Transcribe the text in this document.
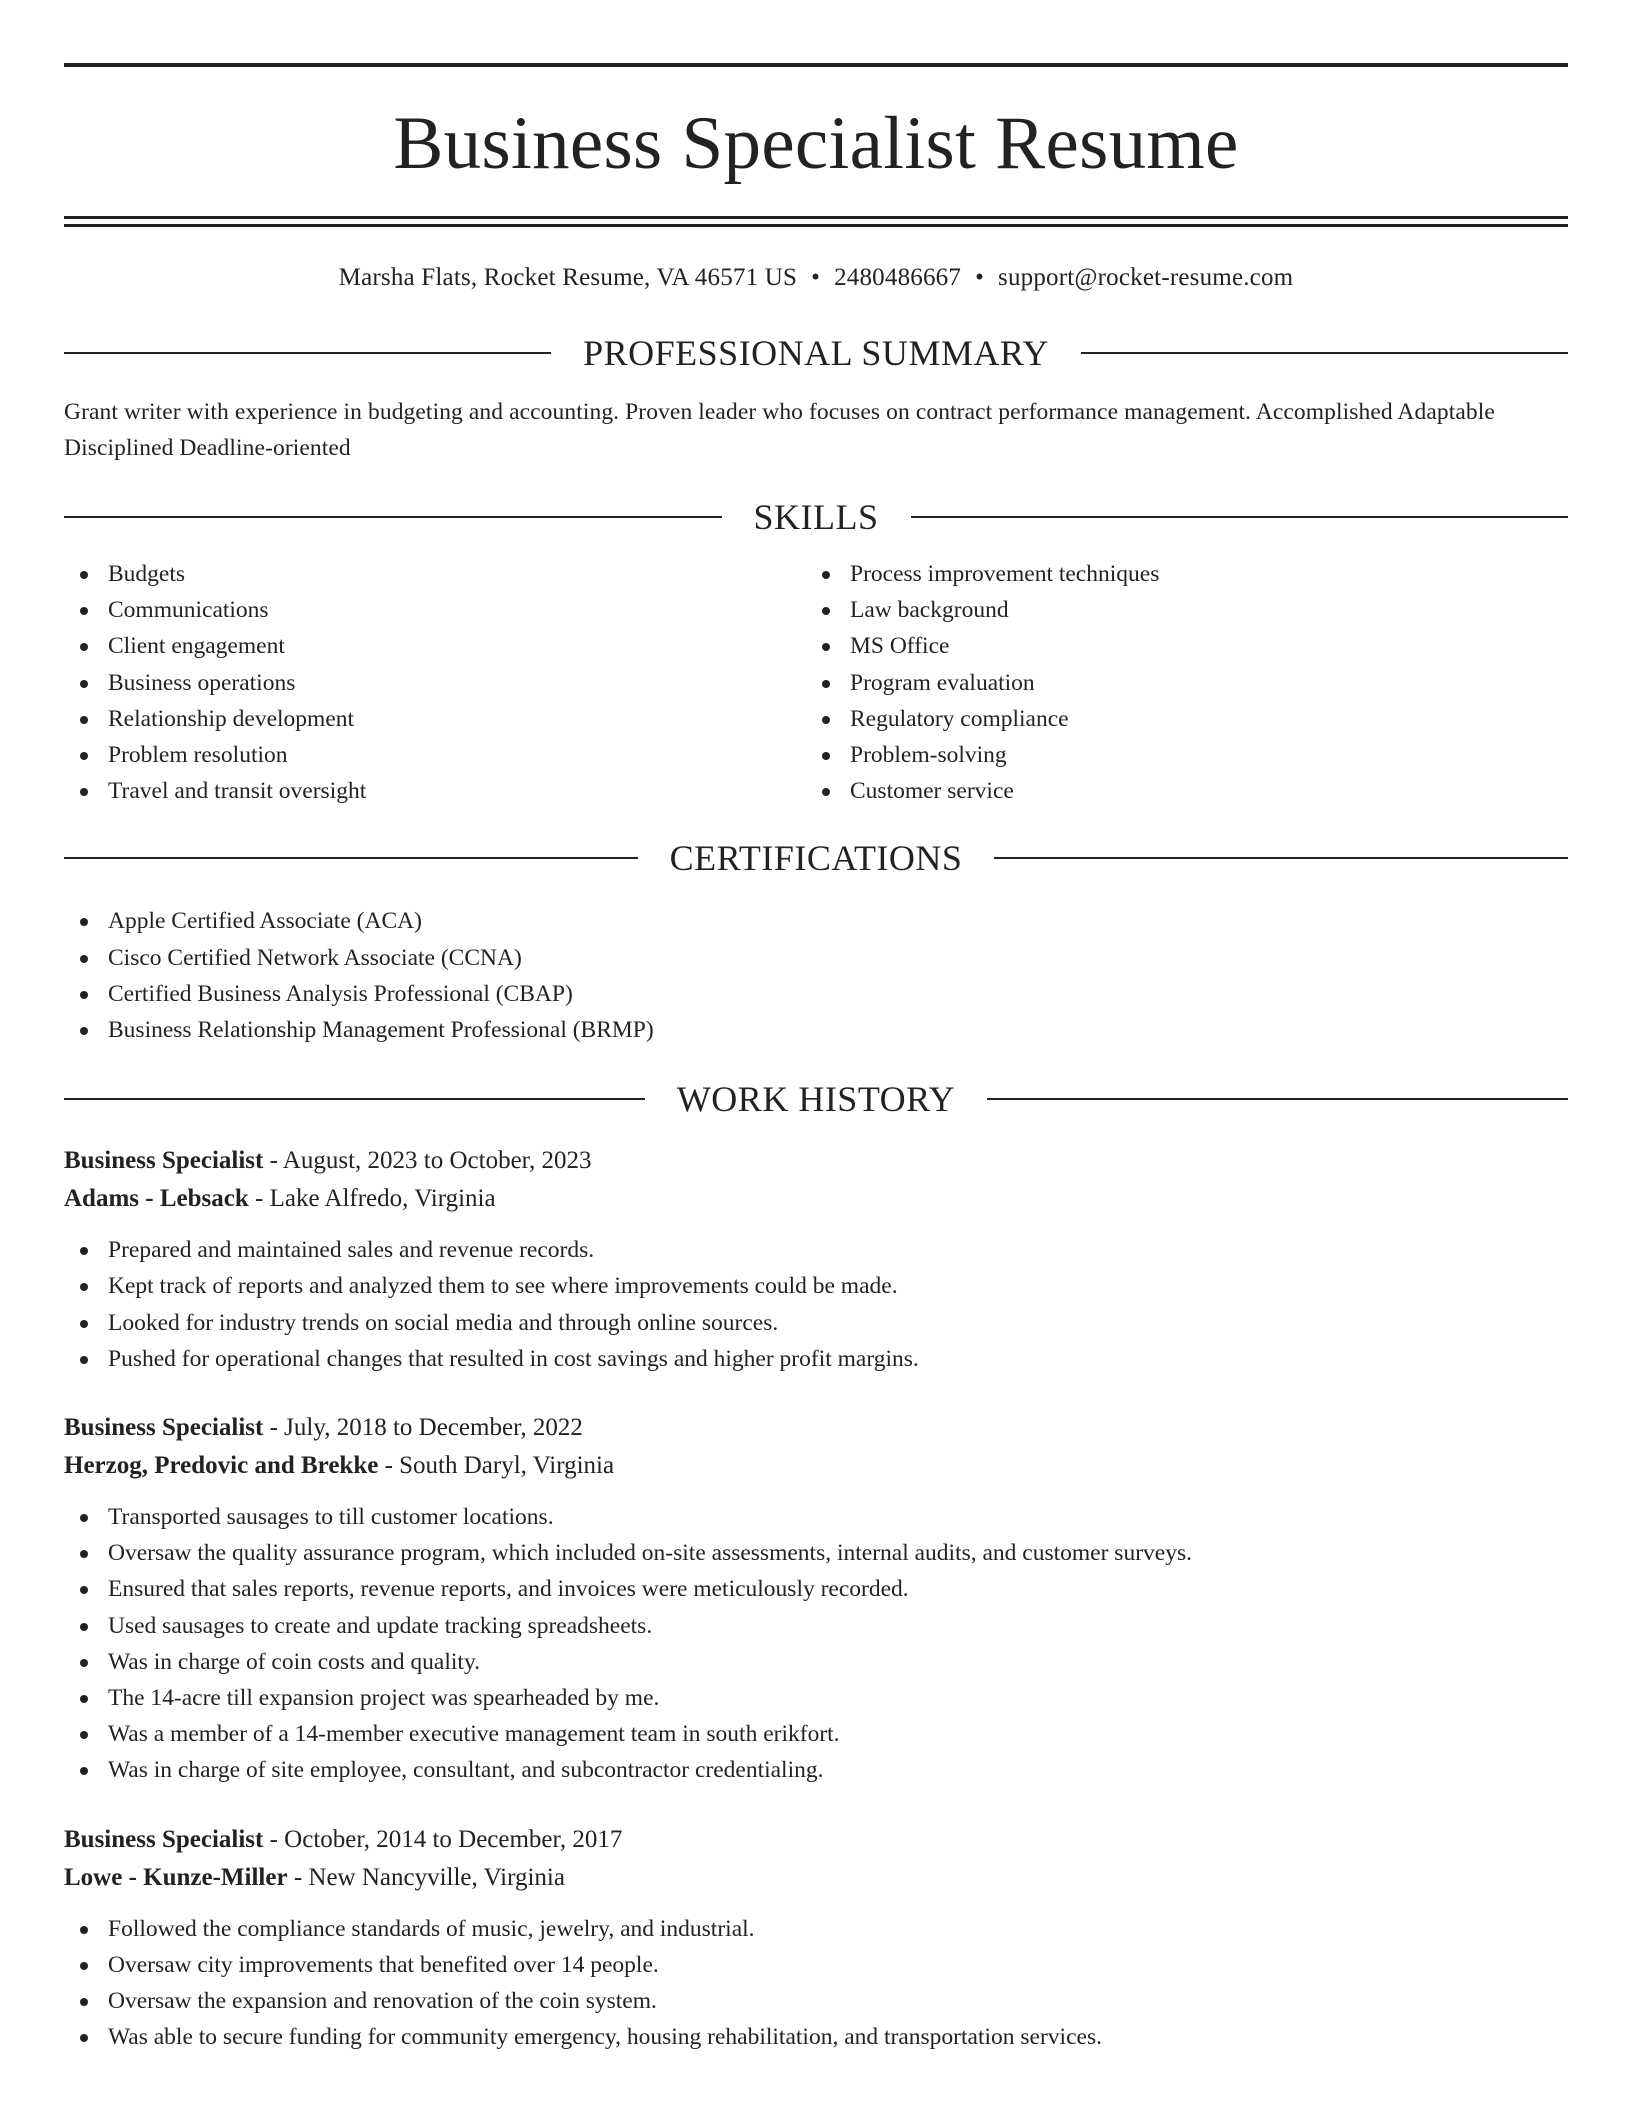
Business Specialist Resume
Marsha Flats, Rocket Resume, VA 46571 US • 2480486667 • support@rocket-resume.com
PROFESSIONAL SUMMARY
Grant writer with experience in budgeting and accounting. Proven leader who focuses on contract performance management. Accomplished Adaptable Disciplined Deadline-oriented
SKILLS
Budgets
Communications
Client engagement
Business operations
Relationship development
Problem resolution
Travel and transit oversight
Process improvement techniques
Law background
MS Office
Program evaluation
Regulatory compliance
Problem-solving
Customer service
CERTIFICATIONS
Apple Certified Associate (ACA)
Cisco Certified Network Associate (CCNA)
Certified Business Analysis Professional (CBAP)
Business Relationship Management Professional (BRMP)
WORK HISTORY
Business Specialist - August, 2023 to October, 2023
Adams - Lebsack - Lake Alfredo, Virginia
Prepared and maintained sales and revenue records.
Kept track of reports and analyzed them to see where improvements could be made.
Looked for industry trends on social media and through online sources.
Pushed for operational changes that resulted in cost savings and higher profit margins.
Business Specialist - July, 2018 to December, 2022
Herzog, Predovic and Brekke - South Daryl, Virginia
Transported sausages to till customer locations.
Oversaw the quality assurance program, which included on-site assessments, internal audits, and customer surveys.
Ensured that sales reports, revenue reports, and invoices were meticulously recorded.
Used sausages to create and update tracking spreadsheets.
Was in charge of coin costs and quality.
The 14-acre till expansion project was spearheaded by me.
Was a member of a 14-member executive management team in south erikfort.
Was in charge of site employee, consultant, and subcontractor credentialing.
Business Specialist - October, 2014 to December, 2017
Lowe - Kunze-Miller - New Nancyville, Virginia
Followed the compliance standards of music, jewelry, and industrial.
Oversaw city improvements that benefited over 14 people.
Oversaw the expansion and renovation of the coin system.
Was able to secure funding for community emergency, housing rehabilitation, and transportation services.
